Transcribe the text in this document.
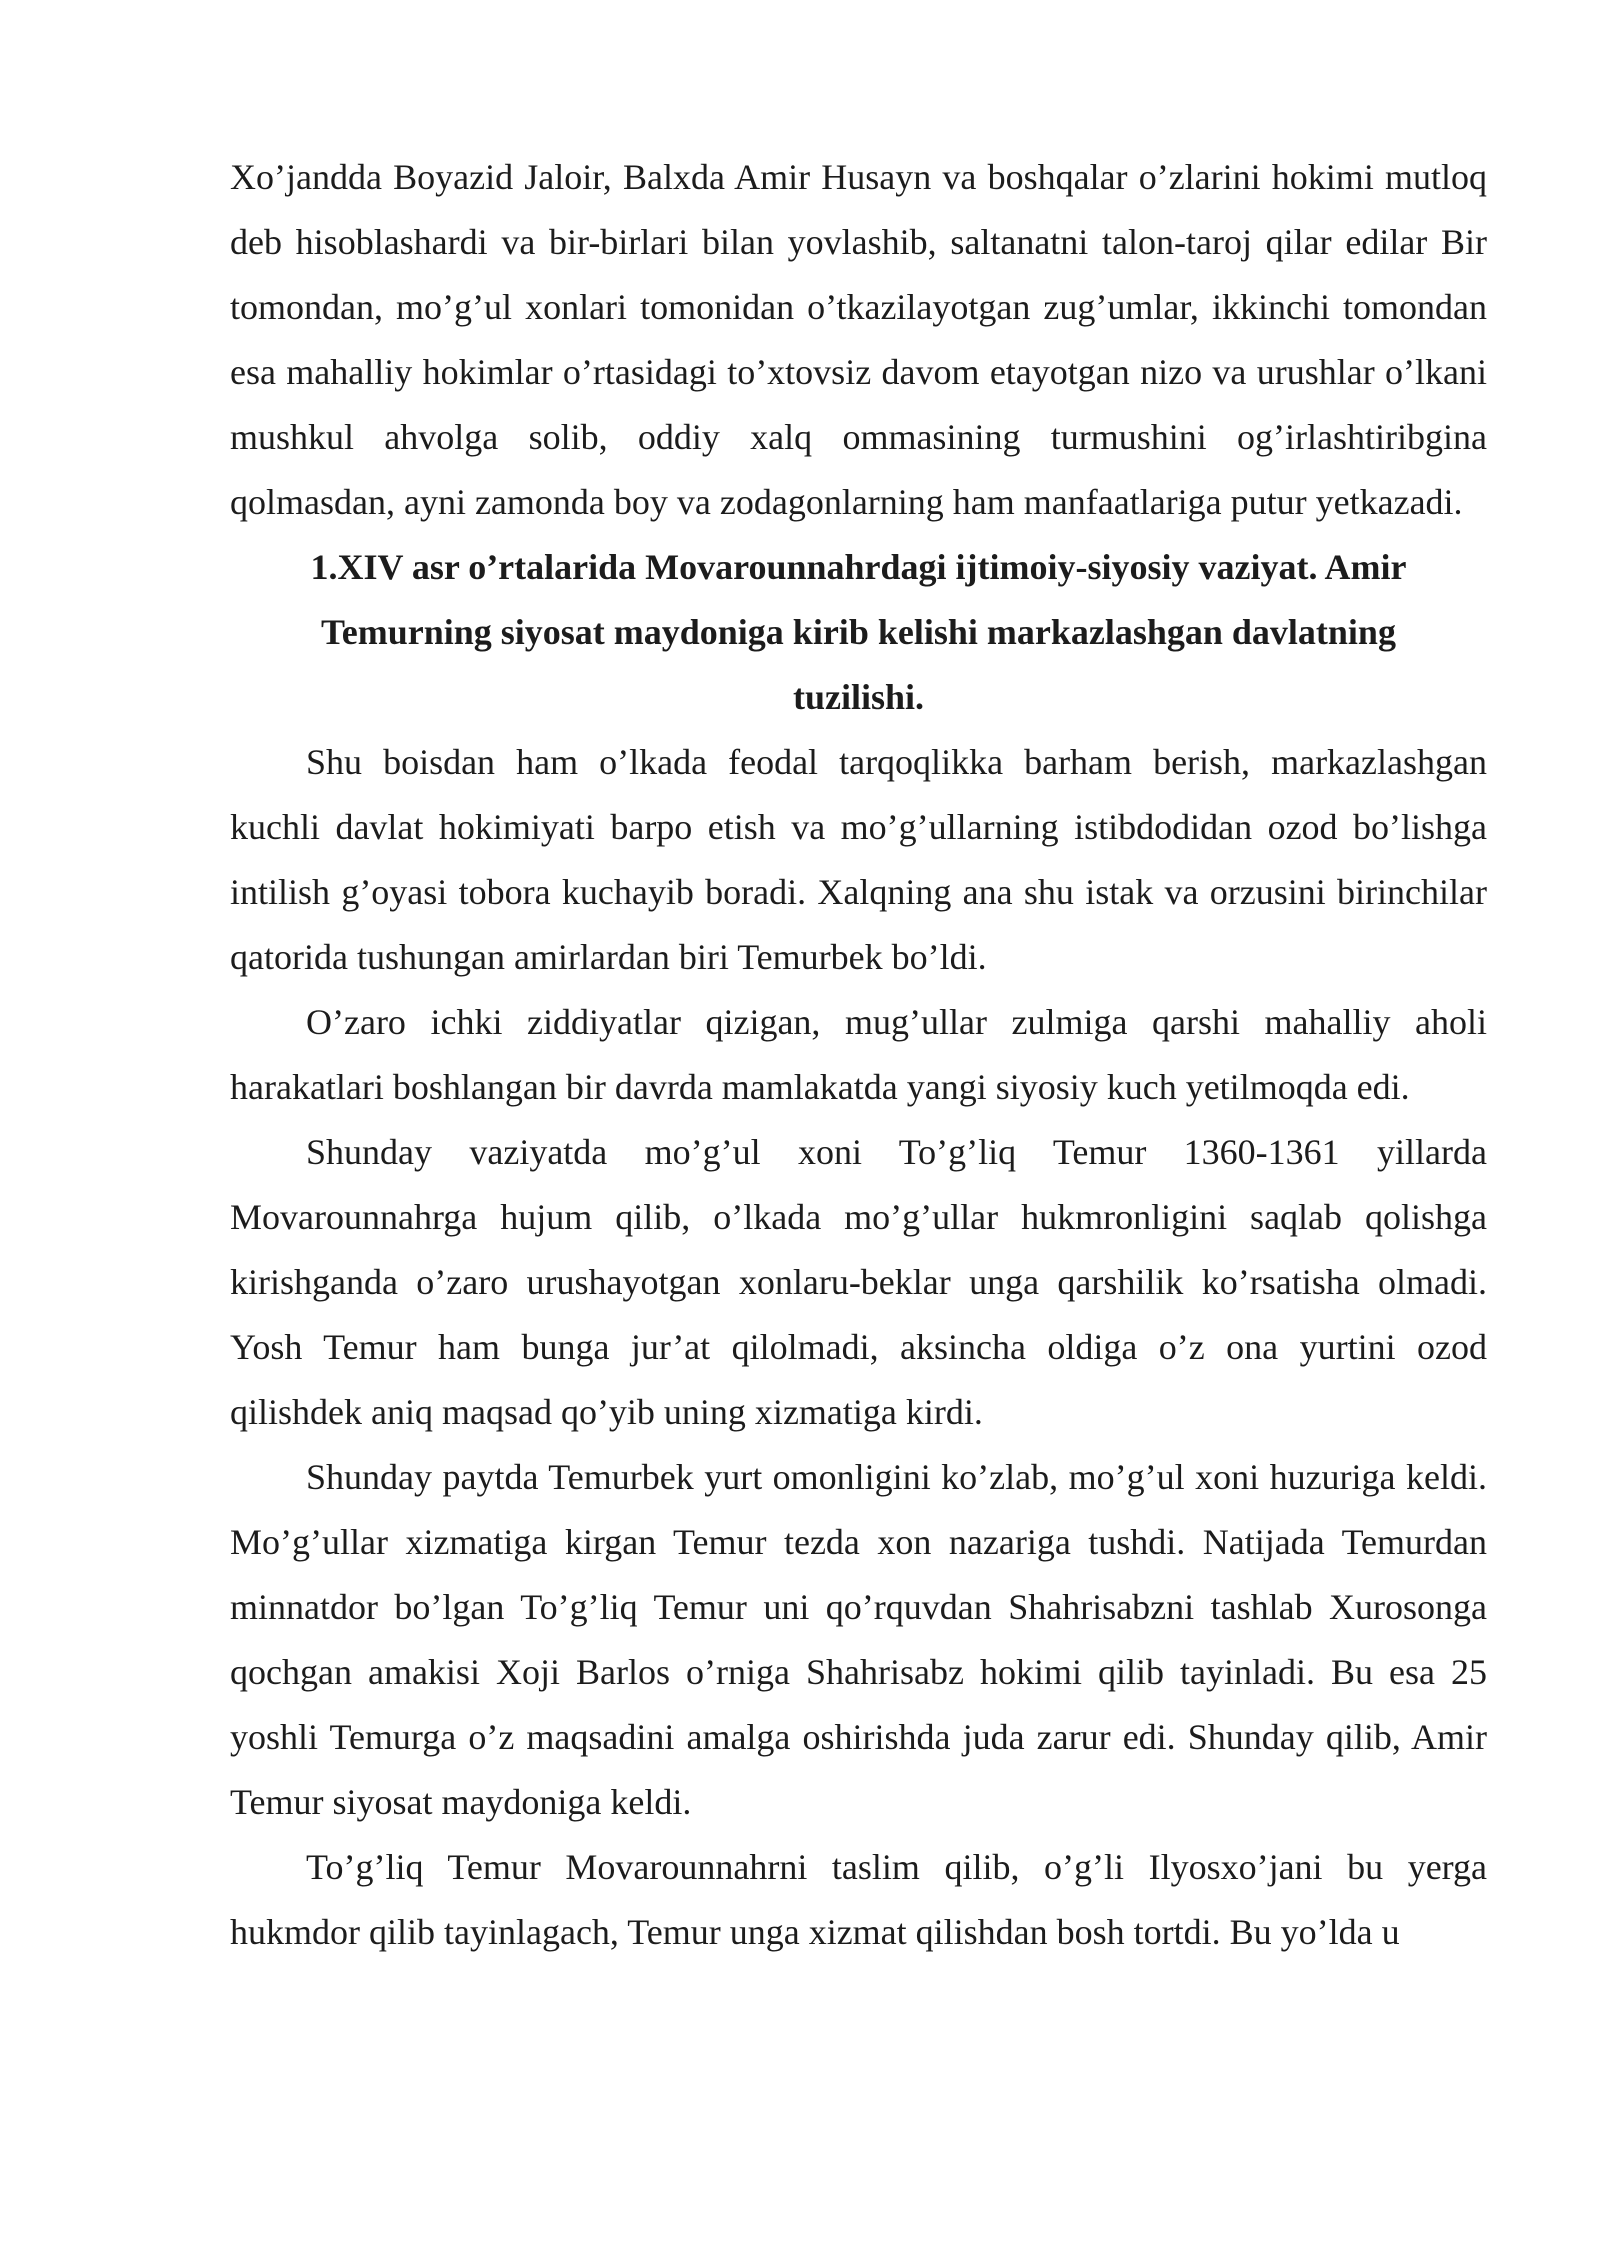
Xo’jandda Boyazid Jaloir, Balxda Amir Husayn va boshqalar o’zlarini hokimi mutloq deb hisoblashardi va bir-birlari bilan yovlashib, saltanatni talon-taroj qilar edilar Bir tomondan, mo’g’ul xonlari tomonidan o’tkazilayotgan zug’umlar, ikkinchi tomondan esa mahalliy hokimlar o’rtasidagi to’xtovsiz davom etayotgan nizo va urushlar o’lkani mushkul ahvolga solib, oddiy xalq ommasining turmushini og’irlashtiribgina qolmasdan, ayni zamonda boy va zodagonlarning ham manfaatlariga putur yetkazadi.

1.XIV asr o’rtalarida Movarounnahrdagi ijtimoiy-siyosiy vaziyat. Amir Temurning siyosat maydoniga kirib kelishi markazlashgan davlatning tuzilishi.

Shu boisdan ham o’lkada feodal tarqoqlikka barham berish, markazlashgan kuchli davlat hokimiyati barpo etish va mo’g’ullarning istibdodidan ozod bo’lishga intilish g’oyasi tobora kuchayib boradi. Xalqning ana shu istak va orzusini birinchilar qatorida tushungan amirlardan biri Temurbek bo’ldi.

O’zaro ichki ziddiyatlar qizigan, mug’ullar zulmiga qarshi mahalliy aholi harakatlari boshlangan bir davrda mamlakatda yangi siyosiy kuch yetilmoqda edi.

Shunday vaziyatda mo’g’ul xoni To’g’liq Temur 1360-1361 yillarda Movarounnahrga hujum qilib, o’lkada mo’g’ullar hukmronligini saqlab qolishga kirishganda o’zaro urushayotgan xonlaru-beklar unga qarshilik ko’rsatisha olmadi. Yosh Temur ham bunga jur’at qilolmadi, aksincha oldiga o’z ona yurtini ozod qilishdek aniq maqsad qo’yib uning xizmatiga kirdi.

Shunday paytda Temurbek yurt omonligini ko’zlab, mo’g’ul xoni huzuriga keldi. Mo’g’ullar xizmatiga kirgan Temur tezda xon nazariga tushdi. Natijada Temurdan minnatdor bo’lgan To’g’liq Temur uni qo’rquvdan Shahrisabzni tashlab Xurosonga qochgan amakisi Xoji Barlos o’rniga Shahrisabz hokimi qilib tayinladi. Bu esa 25 yoshli Temurga o’z maqsadini amalga oshirishda juda zarur edi. Shunday qilib, Amir Temur siyosat maydoniga keldi.

To’g’liq Temur Movarounnahrni taslim qilib, o’g’li Ilyosxo’jani bu yerga hukmdor qilib tayinlagach, Temur unga xizmat qilishdan bosh tortdi. Bu yo’lda u
